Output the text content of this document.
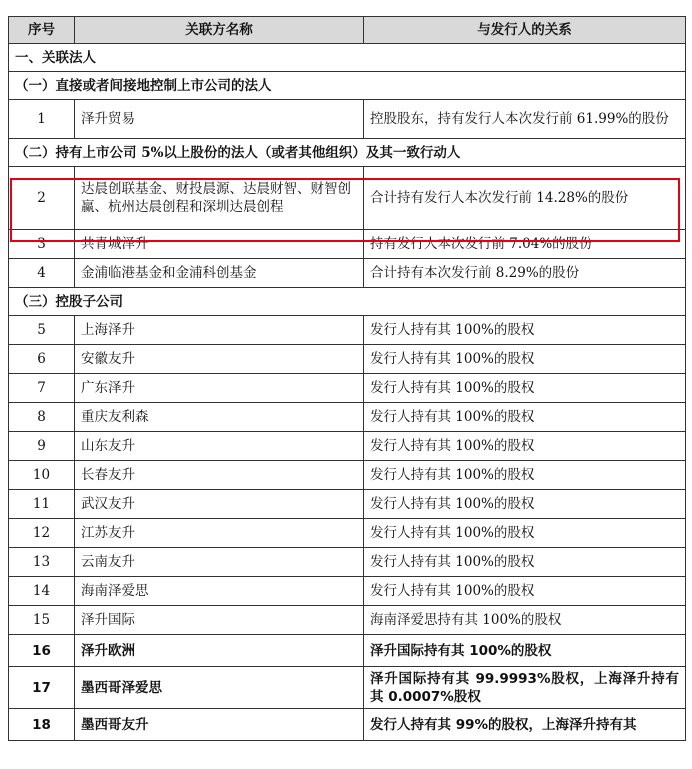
序号	关联方名称	与发行人的关系
一、关联法人		
（一）直接或者间接地控制上市公司的法人		
1	泽升贸易	控股股东，持有发行人本次发行前 61.99%的股份
（二）持有上市公司 5%以上股份的法人（或者其他组织）及其一致行动人		
2	达晨创联基金、财投晨源、达晨财智、财智创赢、杭州达晨创程和深圳达晨创程	合计持有发行人本次发行前 14.28%的股份
3	共青城泽升	持有发行人本次发行前 7.04%的股份
4	金浦临港基金和金浦科创基金	合计持有本次发行前 8.29%的股份
（三）控股子公司		
5	上海泽升	发行人持有其 100%的股权
6	安徽友升	发行人持有其 100%的股权
7	广东泽升	发行人持有其 100%的股权
8	重庆友利森	发行人持有其 100%的股权
9	山东友升	发行人持有其 100%的股权
10	长春友升	发行人持有其 100%的股权
11	武汉友升	发行人持有其 100%的股权
12	江苏友升	发行人持有其 100%的股权
13	云南友升	发行人持有其 100%的股权
14	海南泽爱思	发行人持有其 100%的股权
15	泽升国际	海南泽爱思持有其 100%的股权
16	泽升欧洲	泽升国际持有其 100%的股权
17	墨西哥泽爱思	泽升国际持有其 99.9993%股权，上海泽升持有其 0.0007%股权
18	墨西哥友升	发行人持有其 99%的股权，上海泽升持有其
